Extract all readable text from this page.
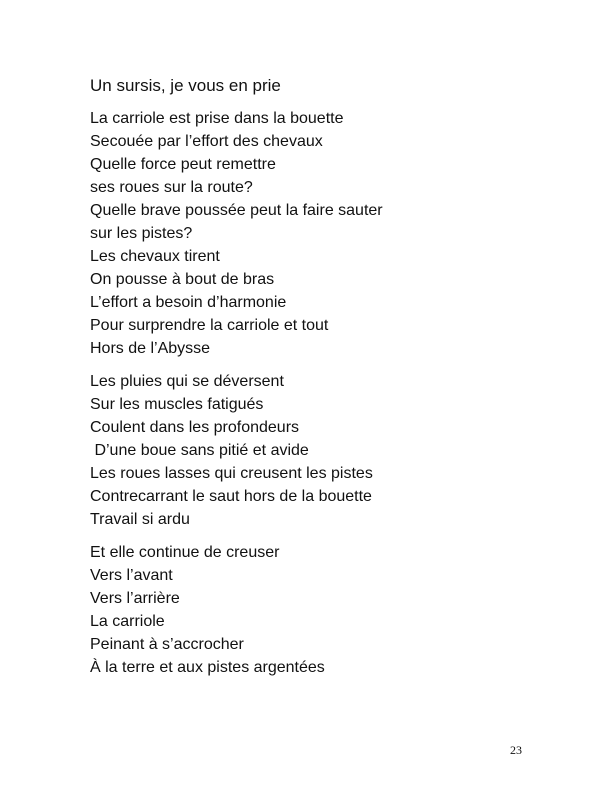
Un sursis, je vous en prie
La carriole est prise dans la bouette
Secouée par l’effort des chevaux
Quelle force peut remettre
ses roues sur la route?
Quelle brave poussée peut la faire sauter
sur les pistes?
Les chevaux tirent
On pousse à bout de bras
L’effort a besoin d’harmonie
Pour surprendre la carriole et tout
Hors de l’Abysse
Les pluies qui se déversent
Sur les muscles fatigués
Coulent dans les profondeurs
D’une boue sans pitié et avide
Les roues lasses qui creusent les pistes
Contrecarrant le saut hors de la bouette
Travail si ardu
Et elle continue de creuser
Vers l’avant
Vers l’arrière
La carriole
Peinant à s’accrocher
À la terre et aux pistes argentées
23
